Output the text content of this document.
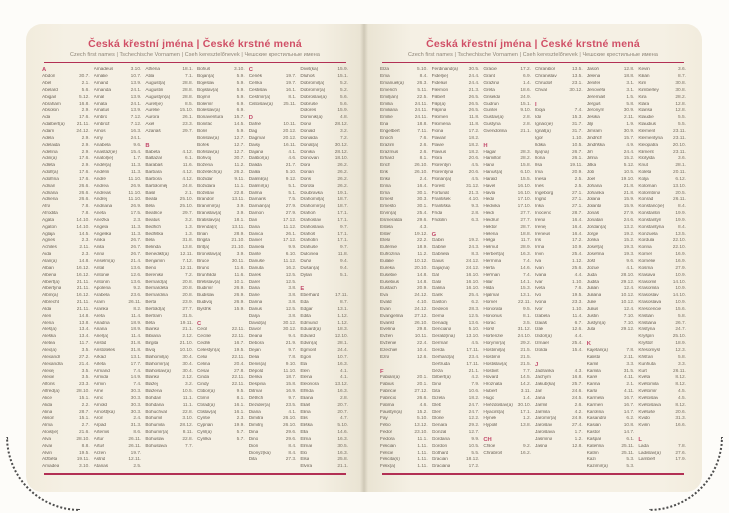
Česká křestní jména | České krstné mená
Czech first names | Tschechische Vornamen | Cseh keresztelőnevek | Чешские крестильные имена
A
Abdon	30.7.
Abel	2.1.
Abelard	5.6.
Abigail	5.12.
Abrahám	16.8.
Absolon	2.9.
Ada	17.6.
Adalbert(a)	21.11.
Adam	24.12.
Adéla	2.9.
Adelaida	2.9.
Adelína	2.9.
Adin(a)	17.6.
Adléta	2.9.
Adolf(a)	17.6.
Adolfína	17.6.
Adrian	26.6.
Adriána	26.6.
Adriena	26.6.
Afra	7.8.
Afrodita	7.8.
Agáta	14.10.
Agaton	14.10.
Aglaja	14.5.
Agnes	2.3.
Achiles	2.11.
Aida	2.3.
Alan(a)	14.8.
Alban	16.12.
Albena	16.12.
Albert(a)	21.11.
Albertýna	21.11.
Albín(a)	16.12.
Albrecht	21.11.
Alda	21.11.
Alen	14.8.
Alena	13.8.
Aleš(a)	13.4.
Aleška	13.4.
Aletea	11.7.
Alex(a)	3.5.
Alexandr	27.2.
Alexandra	21.4.
Alexej	3.5.
Alexie	3.5.
Alfons	23.3.
Alfréd(a)	28.10.
Alice	15.1.
Alida	2.2.
Alina	28.7.
Alison	15.1.
Alma	2.7.
Alois(ie)	21.6.
Alva	28.10.
Alvar	8.8.
Alvin	19.5.
Alžběta	19.11.
Amadea	3.10.
Amadeus	3.10.
Amálie	10.7.
Amand	13.9.
Amanda	24.1.
Amát	13.9.
Amáta	24.1.
Amatus	13.9.
Ambro	7.12.
Ambrož	7.12.
Ámos	16.3.
Amy	24.1.
Anabela	9.6.
Anastáz(ie)	15.4.
Anatol(ie)	1.7.
Anděl(a)	11.3.
Andělín	11.3.
André	11.10.
Andrea	26.9.
Andreas	11.10.
Andrej	11.10.
Andriana	26.9.
Aneta	17.5.
Anežka	2.3.
Angela	11.3.
Angelika	11.3.
Anika	26.7.
Anita	26.7.
Anna	26.7.
Anselm(a)	21.4.
Antal	13.6.
Antonie	12.6.
Antonín	13.6.
Apolena	9.2.
Arabela	23.6.
Aram	26.11.
Aranka	8.2.
Areta	11.4.
Ariadna	18.9.
Ariana	18.9.
Ariel(a)	11.4.
Aristid	31.8.
Aristoteles	31.8.
Arkád	13.1.
Arleta	17.7.
Armand	7.4.
Armida	14.9.
Armin	7.4.
Arne	30.3.
Arno	30.3.
Arnold	30.3.
Arnošt(ka)	30.3.
Áron	2.4.
Árpád	31.3.
Artemis	8.6.
Artur	26.11.
Artuš	26.11.
Arzen	19.7.
Astrid	12.11.
Atanas	2.5.
Athéna	18.1.
Atila	7.1.
August(a)	28.8.
Augustin	28.8.
Augustýn(a)	28.8.
Aurel(ie)	8.5.
Aurélie	15.10.
Aurora	26.1.
Axel	23.3.
Azariáš	29.7.
B
Babeta	4.12.
Baltazar	6.1.
Barabáš	11.6.
Barbara	4.12.
Barbora	4.12.
Bartoloměj	24.8.
Basil	2.1.
Beáta	25.10.
Běla	25.10.
Beatrice	29.7.
Beatus	3.2.
Bedřich	1.3.
Bedřiška	1.3.
Béla	31.8.
Belinda	13.8.
Benedikt(a)	12.11.
Benjamín	7.12.
Beno	12.11.
Berenika	7.2.
Bernard(a)	20.8.
Bernardeta	20.8.
Bernardina	20.8.
Berta	23.9.
Bertold(a)	27.7.
Bertram	31.5.
Běta	19.11.
Bianka	21.1.
Bibiana	2.12.
Birgita	21.10.
Bivoj	10.10.
Blahomil(a)	30.4.
Blahomír(a)	30.4.
Blahoslav(a)	30.4.
Blanka	2.12.
Blažej	3.2.
Blažena	10.5.
Bohdan	11.1.
Bohdana	11.1.
Bohuchval	22.8.
Bohumil	3.10.
Bohumila	28.12.
Bohumír(a)	8.11.
Bohuslav	22.8.
Bohuslava	7.7.
Bohuš	3.10.
Bojan(a)	5.9.
Bojeslav	5.9.
Bojislav(a)	5.9.
Bojmír	5.9.
Bolemír	6.9.
Boleslav(a)	6.9.
Bonaventura	15.7.
Bonifác	14.5.
Boris	5.9.
Borislav(a)	12.7.
Bořek	12.7.
Bořislav(a)	12.7.
Bořivoj	30.7.
Božena	11.2.
Božetěch(a)	26.2.
Božidar	9.11.
Božidara	11.1.
Božislav	22.8.
Brandon	13.11.
Branimír(a)	3.9.
Branislav(a)	3.9.
Bratislav(a)	18.1.
Brenda(n)	13.11.
Brian	28.9.
Brigita	21.10.
Brit(a)	21.10.
Bronislav(a)	3.9.
Bruce	30.11.
Bruno	11.6.
Brunhilda	11.6.
Břetislav(a)	10.1.
Budimír	26.9.
Budislav	26.9.
Budivoj	26.9.
Bystřík	15.9.
C
Cecil	22.11.
Cecílie	22.11.
Cedrik	16.7.
Celestýn(a)	19.5.
Celia	22.11.
Celina	20.4.
César	27.8.
Cinda	22.11.
Cindy	22.11.
Ctibor(a)	9.5.
Ctimír	8.1.
Ctirad(a)	16.1.
Ctislav(a)	16.1.
Cyntie	2.3.
Cyprián	19.9.
Cyril(a)	5.7.
Cyrilka	5.7.
Č
Čeněk	19.7.
Čeňka	19.7.
Čestislav	16.1.
Čestmír(a)	8.1.
Čistoslav(a)	25.11.
D
Dafné	10.11.
Dag	20.12.
Dagmar	20.12.
Daisy	16.11.
Dajana	4.1.
Dalibor(a)	4.6.
Dalida	21.7.
Dalila	5.10.
Dalimil(a)	9.12.
Dalimír(a)	5.1.
Dalma	5.1.
Damaris	7.5.
Damián(a)	27.9.
Damon	27.9.
Dan	17.12.
Dana	11.12.
Danica	26.1.
Daniel	17.12.
Daniela	9.9.
Dante	6.10.
Danuše	11.12.
Danuta	16.2.
Darek	12.5.
Darel	12.5.
Daria	3.8.
Darie	3.8.
Darina	3.8.
Darius	12.5.
Darja	3.8.
David(a)	30.12.
Davor	30.12.
Deana	9.4.
Debora	21.9.
Dejan	9.7.
Delia	7.8.
Denis(a)	9.10.
Děpold	11.10.
Derika	18.7.
Despina	15.8.
Ditmar	16.9.
Dětřich	9.7.
Dezider(a)	23.5.
Diana	4.1.
Dimitra	26.10.
Dimitrij	26.10.
Dina	29.6.
Dino	29.6.
Dion	8.4.
Dionýz(ka)	8.4.
Dita	27.3.
Diviš(ka)	15.9.
Dluhoš	15.1.
Dobromil(a)	5.2.
Dobromír(a)	5.2.
Dobroslav(a)	5.6.
Dobruše	5.6.
Dolores	15.9.
Dominik(a)	4.8.
Dona	28.12.
Donald	3.2.
Donalda	7.2.
Donát(a)	30.12.
Donika	28.12.
Donovan	18.10.
Dora	26.2.
Dorián	26.2.
Doris	26.2.
Dorota	26.2.
Doubravka	19.1.
Drahomil(a)	18.7.
Drahomír(a)	18.7.
Drahoň	17.1.
Drahoslav	17.1.
Drahoslava	9.7.
Drahoš	17.1.
Drahotín	17.1.
Drahuše	9.7.
Dulcinea	11.8.
Duňa	9.4.
Dušan(a)	9.4.
Dylan	5.1.
E
Eberhard	17.11.
Eda	8.7.
Edgar	13.1.
Edita	1.12.
Edmund	1.12.
Eduard(a)	18.3.
Edvard	12.10.
Edvin(a)	28.1.
Egmont	24.4.
Egon	10.7.
Ela	16.3.
Elen	4.1.
Elena	4.1.
Eleonora	13.12.
Elfrída	16.3.
Eliana	2.8.
Eliáš	20.7.
Elina	20.7.
Elis	4.7.
Eliška	5.10.
Ella	14.6.
Elma	16.3.
Elmar	30.5.
Elo	16.3.
Elsa	25.8.
Elvíra	21.1.
Česká křestní jména | České krstné mená
Czech first names | Tschechische Vornamen | Cseh keresztelőnevek | Чешские крестильные имена
Elza	5.10.
Ema	8.4.
Emanuel(a)	26.3.
Emerich	5.11.
Emil(ián)	22.5.
Emília	24.11.
Emiliána	24.11.
Emílie	24.11.
Ena	18.8.
Engelbert	7.11.
Enoch	7.6.
Erazim	2.6.
Erazmus	2.6.
Erhard	8.1.
Erich	26.10.
Erik	26.10.
Erika	2.4.
Erina	16.4.
Erna	30.1.
Ernest	30.3.
Ernesto	30.1.
Ervín(a)	25.4.
Esmeralda	29.6.
Estela	4.3.
Ester	19.12.
Etela	22.2.
Eufémie	18.9.
Eufrozína	11.2.
Eulálie	10.12.
Eureka	20.10.
Eusebie	14.8.
Eusebius	14.8.
Eustach	20.9.
Eva	24.12.
Evald	4.10.
Evan	24.12.
Evangelína	27.12.
Evarist	26.10.
Evelína	29.8.
Evžen	10.11.
Evženie	22.4.
Ezechiel	10.4.
Ezra	12.6.
F
Fabián(a)	20.1.
Fabius	20.1.
Fabricie	27.12.
Fabricio	26.6.
Fatima	4.6.
Faustýn(a)	15.2.
Fay	5.10.
Fébo	13.12.
Fedor	23.10.
Fedora	11.1.
Felicián	1.11.
Felície	1.11.
Felicita(s)	1.11.
Felix(a)	1.11.
Ferdinand(a)	30.5.
Fidel(ie)	24.4.
Fidelius	24.4.
Filemon	21.3.
Filibert	26.5.
Filip(a)	26.5.
Filipína	26.5.
Filomen	11.8.
Filoména	11.8.
Fiona	17.2.
Flavián	18.2.
Flavie	18.2.
Flavius	18.2.
Flóra	20.6.
Florentýn	4.5.
Florentýna	20.6.
Florián(a)	4.5.
Forest	31.12.
Fortunát	21.3.
František	4.10.
Františka	9.3.
Frída	2.8.
Fridolín	6.3.
G
Gabin	19.2.
Gabriel	24.3.
Gabriela	8.3.
Gaius	24.12.
Gaja(na)	24.12.
Gál	16.10.
Gala	16.10.
Galina	16.10.
Garik	25.4.
Gaston	6.2.
Gedeon	28.3.
Gema	12.5.
Genadij	13.6.
Genciana	5.10.
Gerald(ína)	13.10.
Germán	4.5.
Gerda	17.11.
Gerhard(a)	23.4.
Gertruda	17.11.
Géza	21.1.
Gilbert(a)	4.2.
Gina	7.9.
Gita	10.6.
Gizela	18.2.
Gleb	24.7.
Glen	24.7.
Glorie	12.2.
Genara	29.2.
Gonzal	12.7.
Gordana	9.9.
Gordon	10.5.
Gothard	5.5.
Gracián	18.12.
Graciána	17.2.
Grácie	17.2.
Grant	6.9.
Gražina	1.4.
Gréta	18.6.
Griselda	24.9.
Gudrun	15.1.
Gunter	9.10.
Gustav(a)	2.8.
Gustýna	2.8.
Gvendolína	21.1.
H
Hagar	28.3.
Hamilton	28.2.
Hana	15.8.
Hanuš(a)	6.10.
Harald	15.5.
Havel	16.10.
Havla	16.10.
Heda	17.10.
Hedvika	17.10.
Heidi	27.7.
Heidrun	27.7.
Hektor	28.7.
Helena	18.8.
Helga	11.7.
Helmut	28.9.
Herbert(a)	16.3.
Hermína	7.4.
Herta	14.6.
Heřman	7.4.
Hilar	14.1.
Hilda	15.3.
Hjalmar	13.1.
Homér	22.11.
Honorata	9.5.
Honorius	8.1.
Horác	3.5.
Horst	31.12.
Hortenzie	24.10.
Horymír(a)	29.2.
Hostimil(a)	21.5.
Hostimír	21.5.
Hostislav(a)	21.5.
Hostivít	7.7.
Hovard	14.5.
Hroznata	14.2.
Hubert	3.11.
Hugo	1.4.
Hvězdoslav(a)	30.10.
Hyacint(a)	17.1.
Hynek	1.2.
Hypolit	13.8.
CH
Chloe	9.2.
Chrabroš	16.2.
Chranibor	13.5.
Chranislav	13.5.
Chrudoš	23.1.
Chval	30.12.
I
Iboja	7.4.
Ida	15.3.
Ignác(ie)	31.7.
Ignát(a)	31.7.
Igor	1.10.
Ildika	10.5.
Ilja(na)	26.7.
Ilona	26.1.
Ilsa	19.11.
Ima	20.9.
Inesa	2.5.
Inés	2.5.
Ingeborg	27.1.
Ingrid	27.1.
Inka	27.1.
Inocenc	28.7.
Irena	16.4.
Irenej	16.4.
Ireneus	16.4.
Iris	17.2.
Irma	10.9.
Irvin	25.4.
Iva	1.12.
Ivan	25.6.
Ivana	4.4.
Ivar	1.10.
Iveta	7.6.
Ivo	19.5.
Ivona	23.3.
Ivor	1.10.
Izabela	11.4.
Izaiáš	6.7.
Izák	12.6.
Izidor(a)	4.4.
Izmael	25.4.
Izolda	15.4.
J
Jadranka	4.3.
Jáchym	16.8.
Jakub(ka)	25.7.
Jan	24.6.
Jana	24.5.
Jarmil	2.6.
Jarmila	4.2.
Jaromír(a)	24.9.
Jaroslav	27.4.
Jaroslava	1.7.
Jasmína	1.2.
Jasna	12.8.
Jasoň	12.8.
Jelena	18.8.
Jenifer	3.1.
Jenovéfa	3.1.
Jeremiáš	1.5.
Jerguš	5.8.
Jeronym	30.9.
Jesika	2.11.
Jiljí	1.9.
Jimram	30.9.
Jindřich	15.7.
Jindřiška	4.9.
Jiří	24.4.
Jiřina	15.2.
Jitka	5.12.
Job	10.5.
Joel	19.10.
Johana	21.8.
Johanka	21.8.
Jolana	15.9.
Jolanta	15.9.
Jonáš	27.9.
Jonatan	24.6.
Jordan(a)	13.2.
Jorge	19.2.
Jorika	15.2.
Josef(a)	19.3.
Josefína	19.3.
Jošt	9.6.
Jozue	4.1.
Juda	28.10.
Judita	29.12.
Julián	12.4.
Juliána	10.12.
Julie	10.12.
Julius	12.4.
Justin	7.10.
Justýn(a)	7.10.
Juta	29.12.
K
Kajetán(a)	7.8.
Kalista	2.11.
Kamil	3.3.
Kamila	31.5.
Karel	4.11.
Karina	2.1.
Karla	4.11.
Karmela	16.7.
Karmen	16.7.
Karolína	14.7.
Kasandra	6.2.
Kasián	10.8.
Kastor	14.7.
Kašpar	6.1.
Kateřina	25.11.
Katrin	25.11.
Kazi	5.3.
Kazimír(a)	5.3.
Kevin	3.6.
Kilián	8.7.
Kim	30.8.
Kimberley	30.8.
Kira	28.2.
Klára	12.8.
Klarisa	12.8.
Klaudie	5.5.
Klaudius	5.5.
Klement	23.11.
Klementýna	23.11.
Kleopatra	20.10.
Kliment	23.11.
Klotylda	3.6.
Knut	28.1.
Koleta	20.11.
Kolja	6.12.
Koloman	13.10.
Kolombína	20.5.
Konrád	26.11.
Konstanc(ie)	8.4.
Konstantin	19.9.
Konstantýn	19.9.
Konstantýna	8.4.
Konzuela	13.5.
Kordula	22.10.
Korina	22.10.
Kornel	16.9.
Kornélie	16.9.
Kosma	27.9.
Krasava	10.9.
Krasomil	14.10.
Krasomila	10.9.
Krasoslav	14.10.
Krasoslava	10.9.
Krescencie	15.6.
Kristián	5.8.
Kristiána	26.7.
Kristýna	24.7.
Kryšpín	25.10.
Kryštof	18.9.
Křesomysl	12.3.
Křišťan	5.8.
Kunhuta	3.3.
Kurt	26.11.
Květa	8.12.
Květomila	8.12.
Květomír	4.5.
Květoslav	4.5.
Květoslava	8.12.
Květuše	20.6.
Kvido	31.3.
Kvirin	16.6.
L
Lada	7.8.
Ladislav(a)	27.6.
Lambert	17.9.
